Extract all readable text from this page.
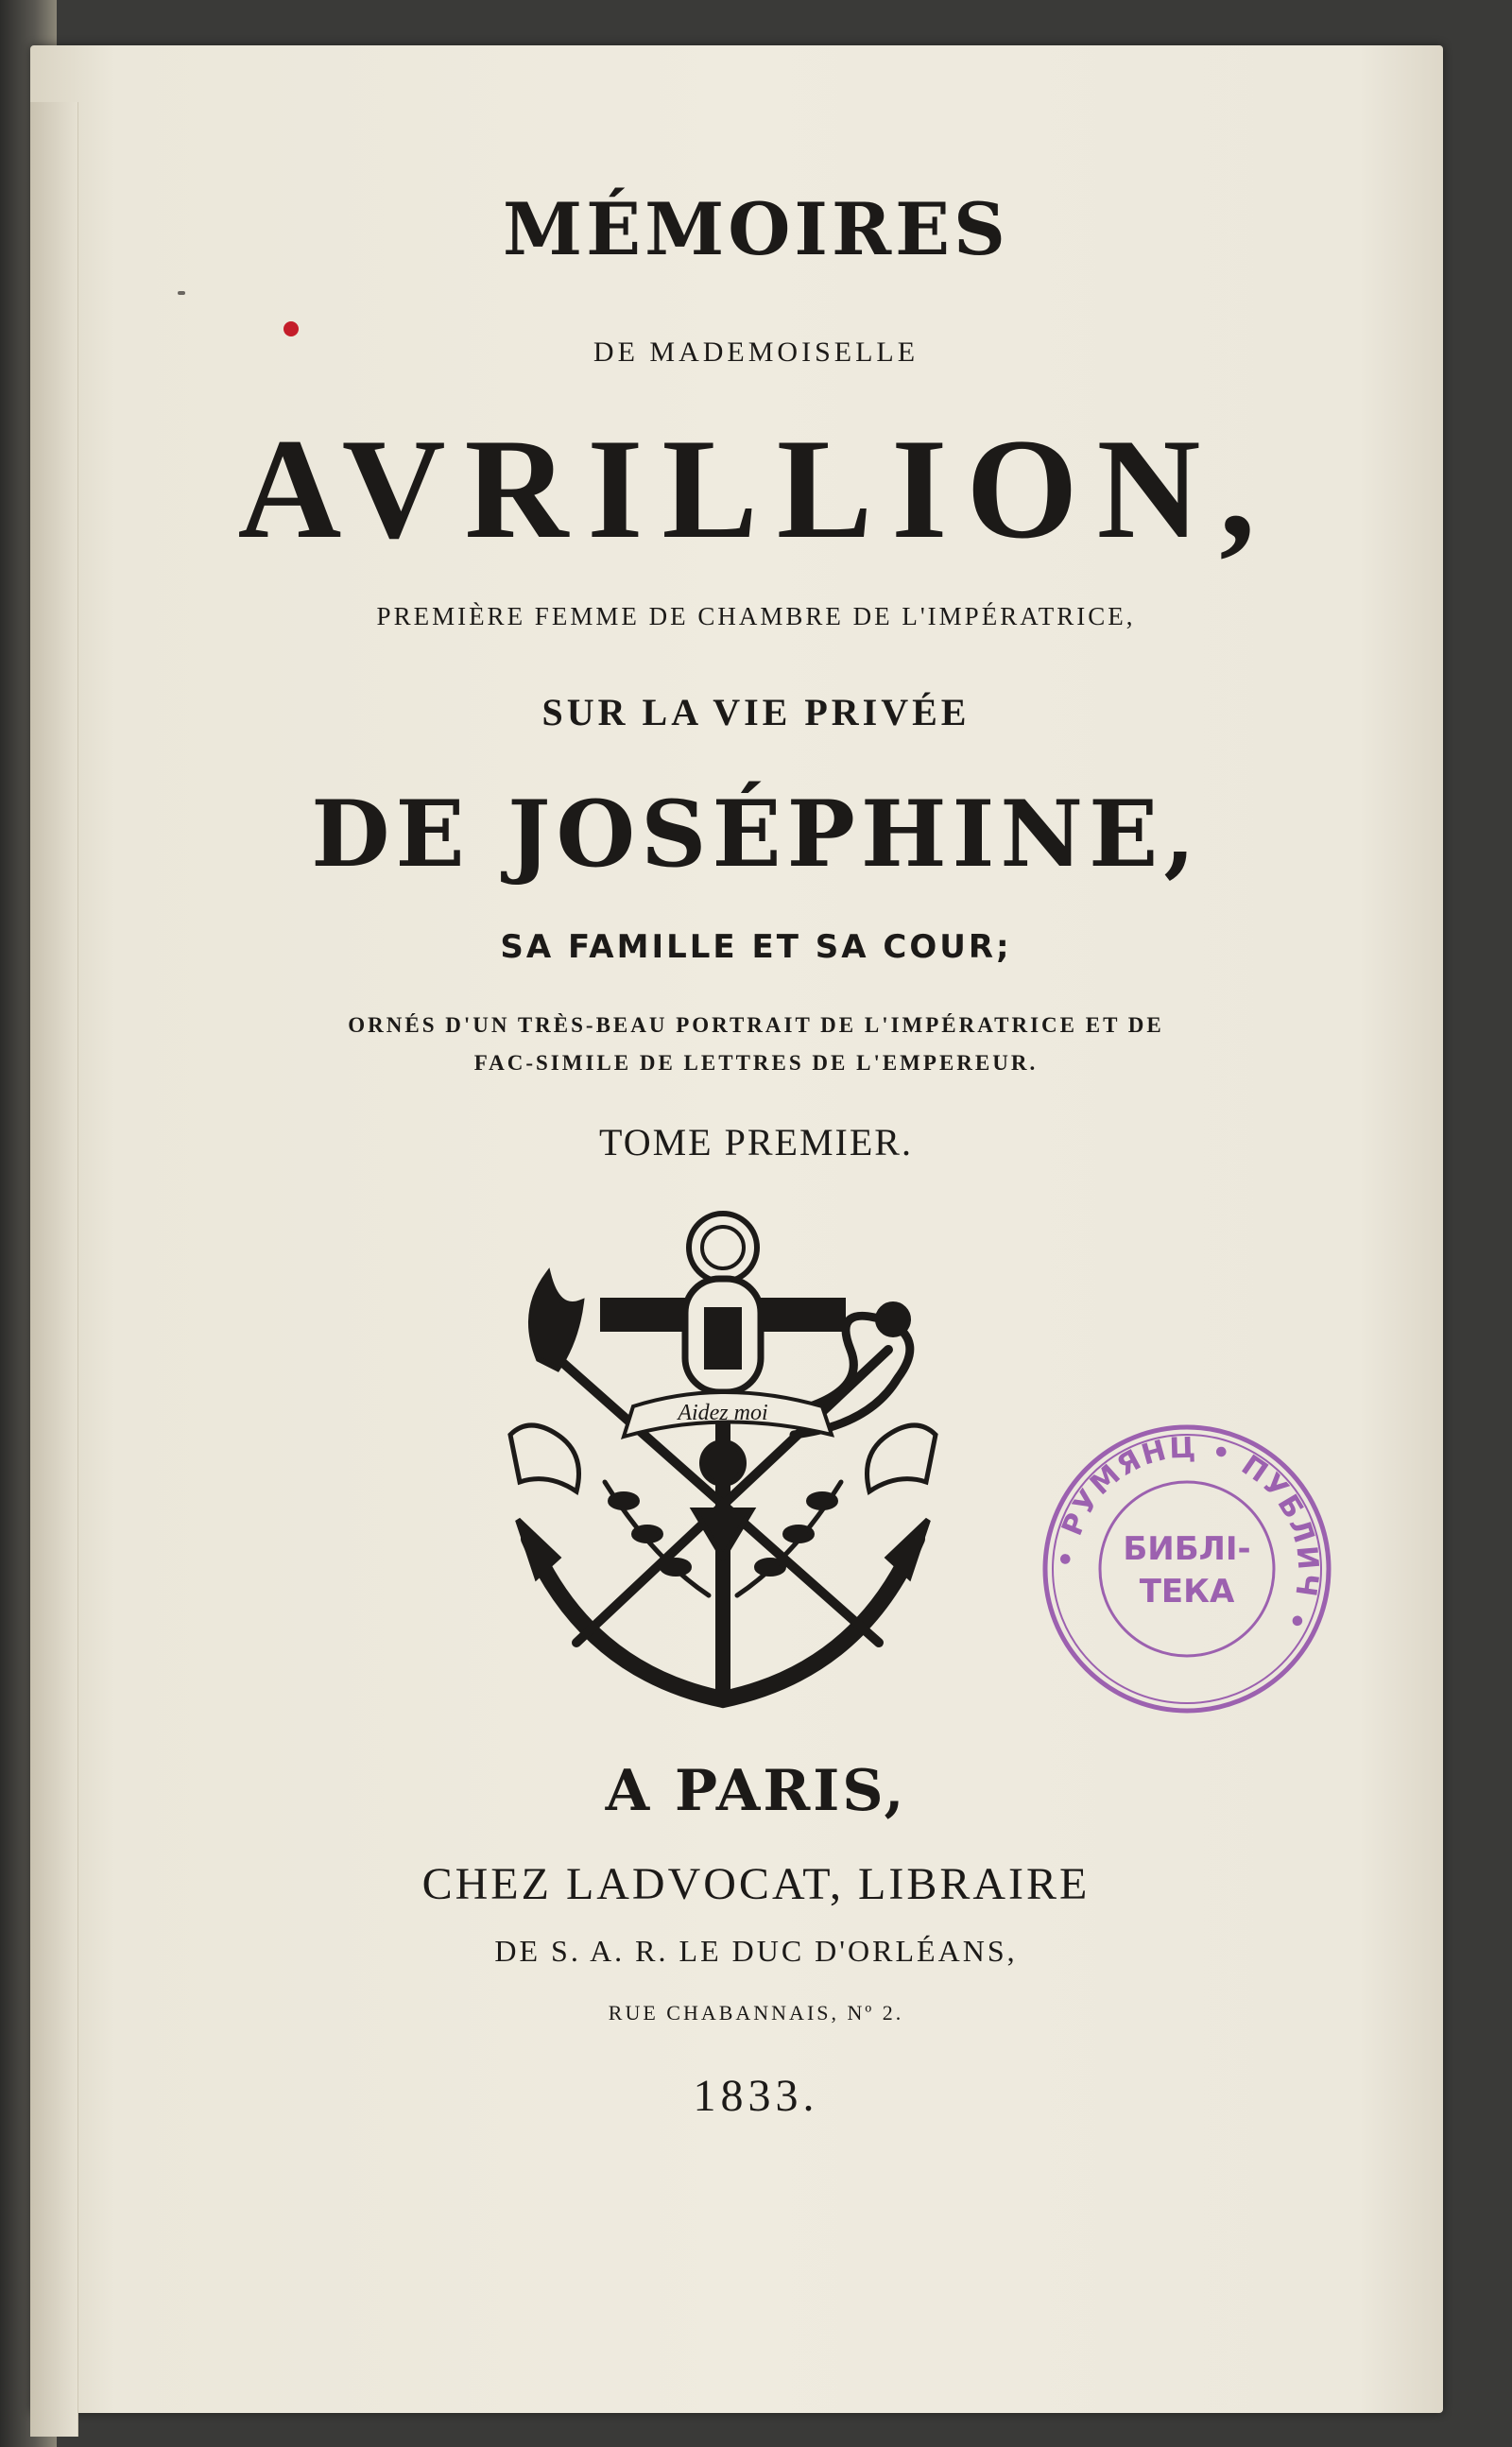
MÉMOIRES
DE MADEMOISELLE
AVRILLION,
PREMIÈRE FEMME DE CHAMBRE DE L'IMPÉRATRICE,
SUR LA VIE PRIVÉE
DE JOSÉPHINE,
SA FAMILLE ET SA COUR;
ORNÉS D'UN TRÈS-BEAU PORTRAIT DE L'IMPÉRATRICE ET DE
FAC-SIMILE DE LETTRES DE L'EMPEREUR.
TOME PREMIER.
Aidez moi
A PARIS,
CHEZ LADVOCAT, LIBRAIRE
DE S. A. R. LE DUC D'ORLÉANS,
RUE CHABANNAIS, Nº 2.
1833.
• РУМЯНЦ • ПУБЛИЧ •
БИБЛІ-
ТЕКА
